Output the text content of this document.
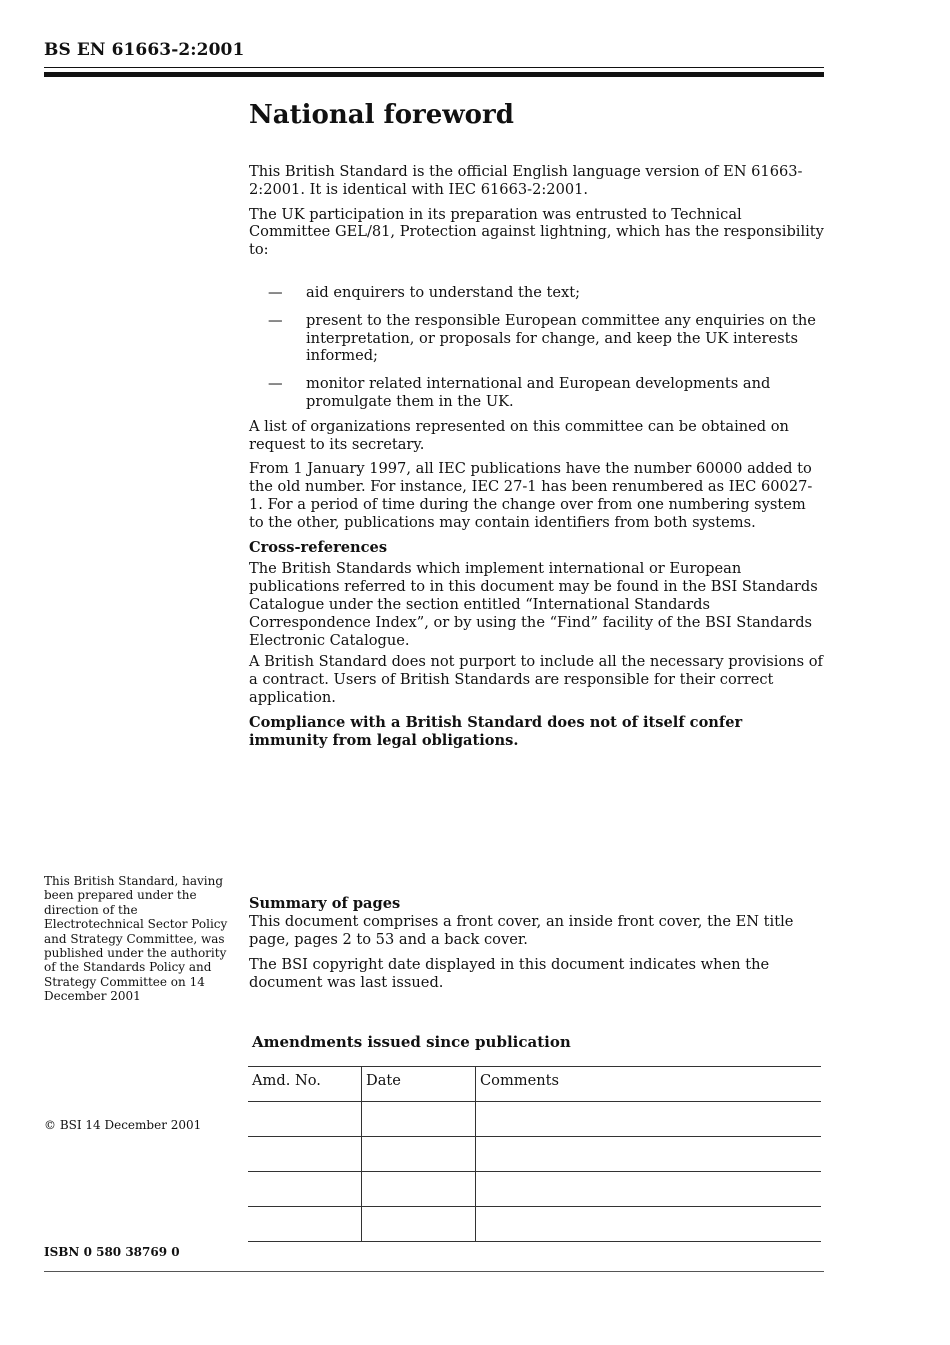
BS EN 61663-2:2001
National foreword

This British Standard is the official English language version of EN 61663-2:2001. It is identical with IEC 61663-2:2001.

The UK participation in its preparation was entrusted to Technical Committee GEL/81, Protection against lightning, which has the responsibility to:

—	aid enquirers to understand the text;
—	present to the responsible European committee any enquiries on the interpretation, or proposals for change, and keep the UK interests informed;
—	monitor related international and European developments and promulgate them in the UK.

A list of organizations represented on this committee can be obtained on request to its secretary.

From 1 January 1997, all IEC publications have the number 60000 added to the old number. For instance, IEC 27-1 has been renumbered as IEC 60027-1. For a period of time during the change over from one numbering system to the other, publications may contain identifiers from both systems.

Cross-references

The British Standards which implement international or European publications referred to in this document may be found in the BSI Standards Catalogue under the section entitled “International Standards Correspondence Index”, or by using the “Find” facility of the BSI Standards Electronic Catalogue.

A British Standard does not purport to include all the necessary provisions of a contract. Users of British Standards are responsible for their correct application.

Compliance with a British Standard does not of itself confer immunity from legal obligations.

This British Standard, having been prepared under the direction of the Electrotechnical Sector Policy and Strategy Committee, was published under the authority of the Standards Policy and Strategy Committee on 14 December 2001
Summary of pages

This document comprises a front cover, an inside front cover, the EN title page, pages 2 to 53 and a back cover.

The BSI copyright date displayed in this document indicates when the document was last issued.

Amendments issued since publication
Amd. No.	Date	Comments

© BSI 14 December 2001
ISBN 0 580 38769 0
